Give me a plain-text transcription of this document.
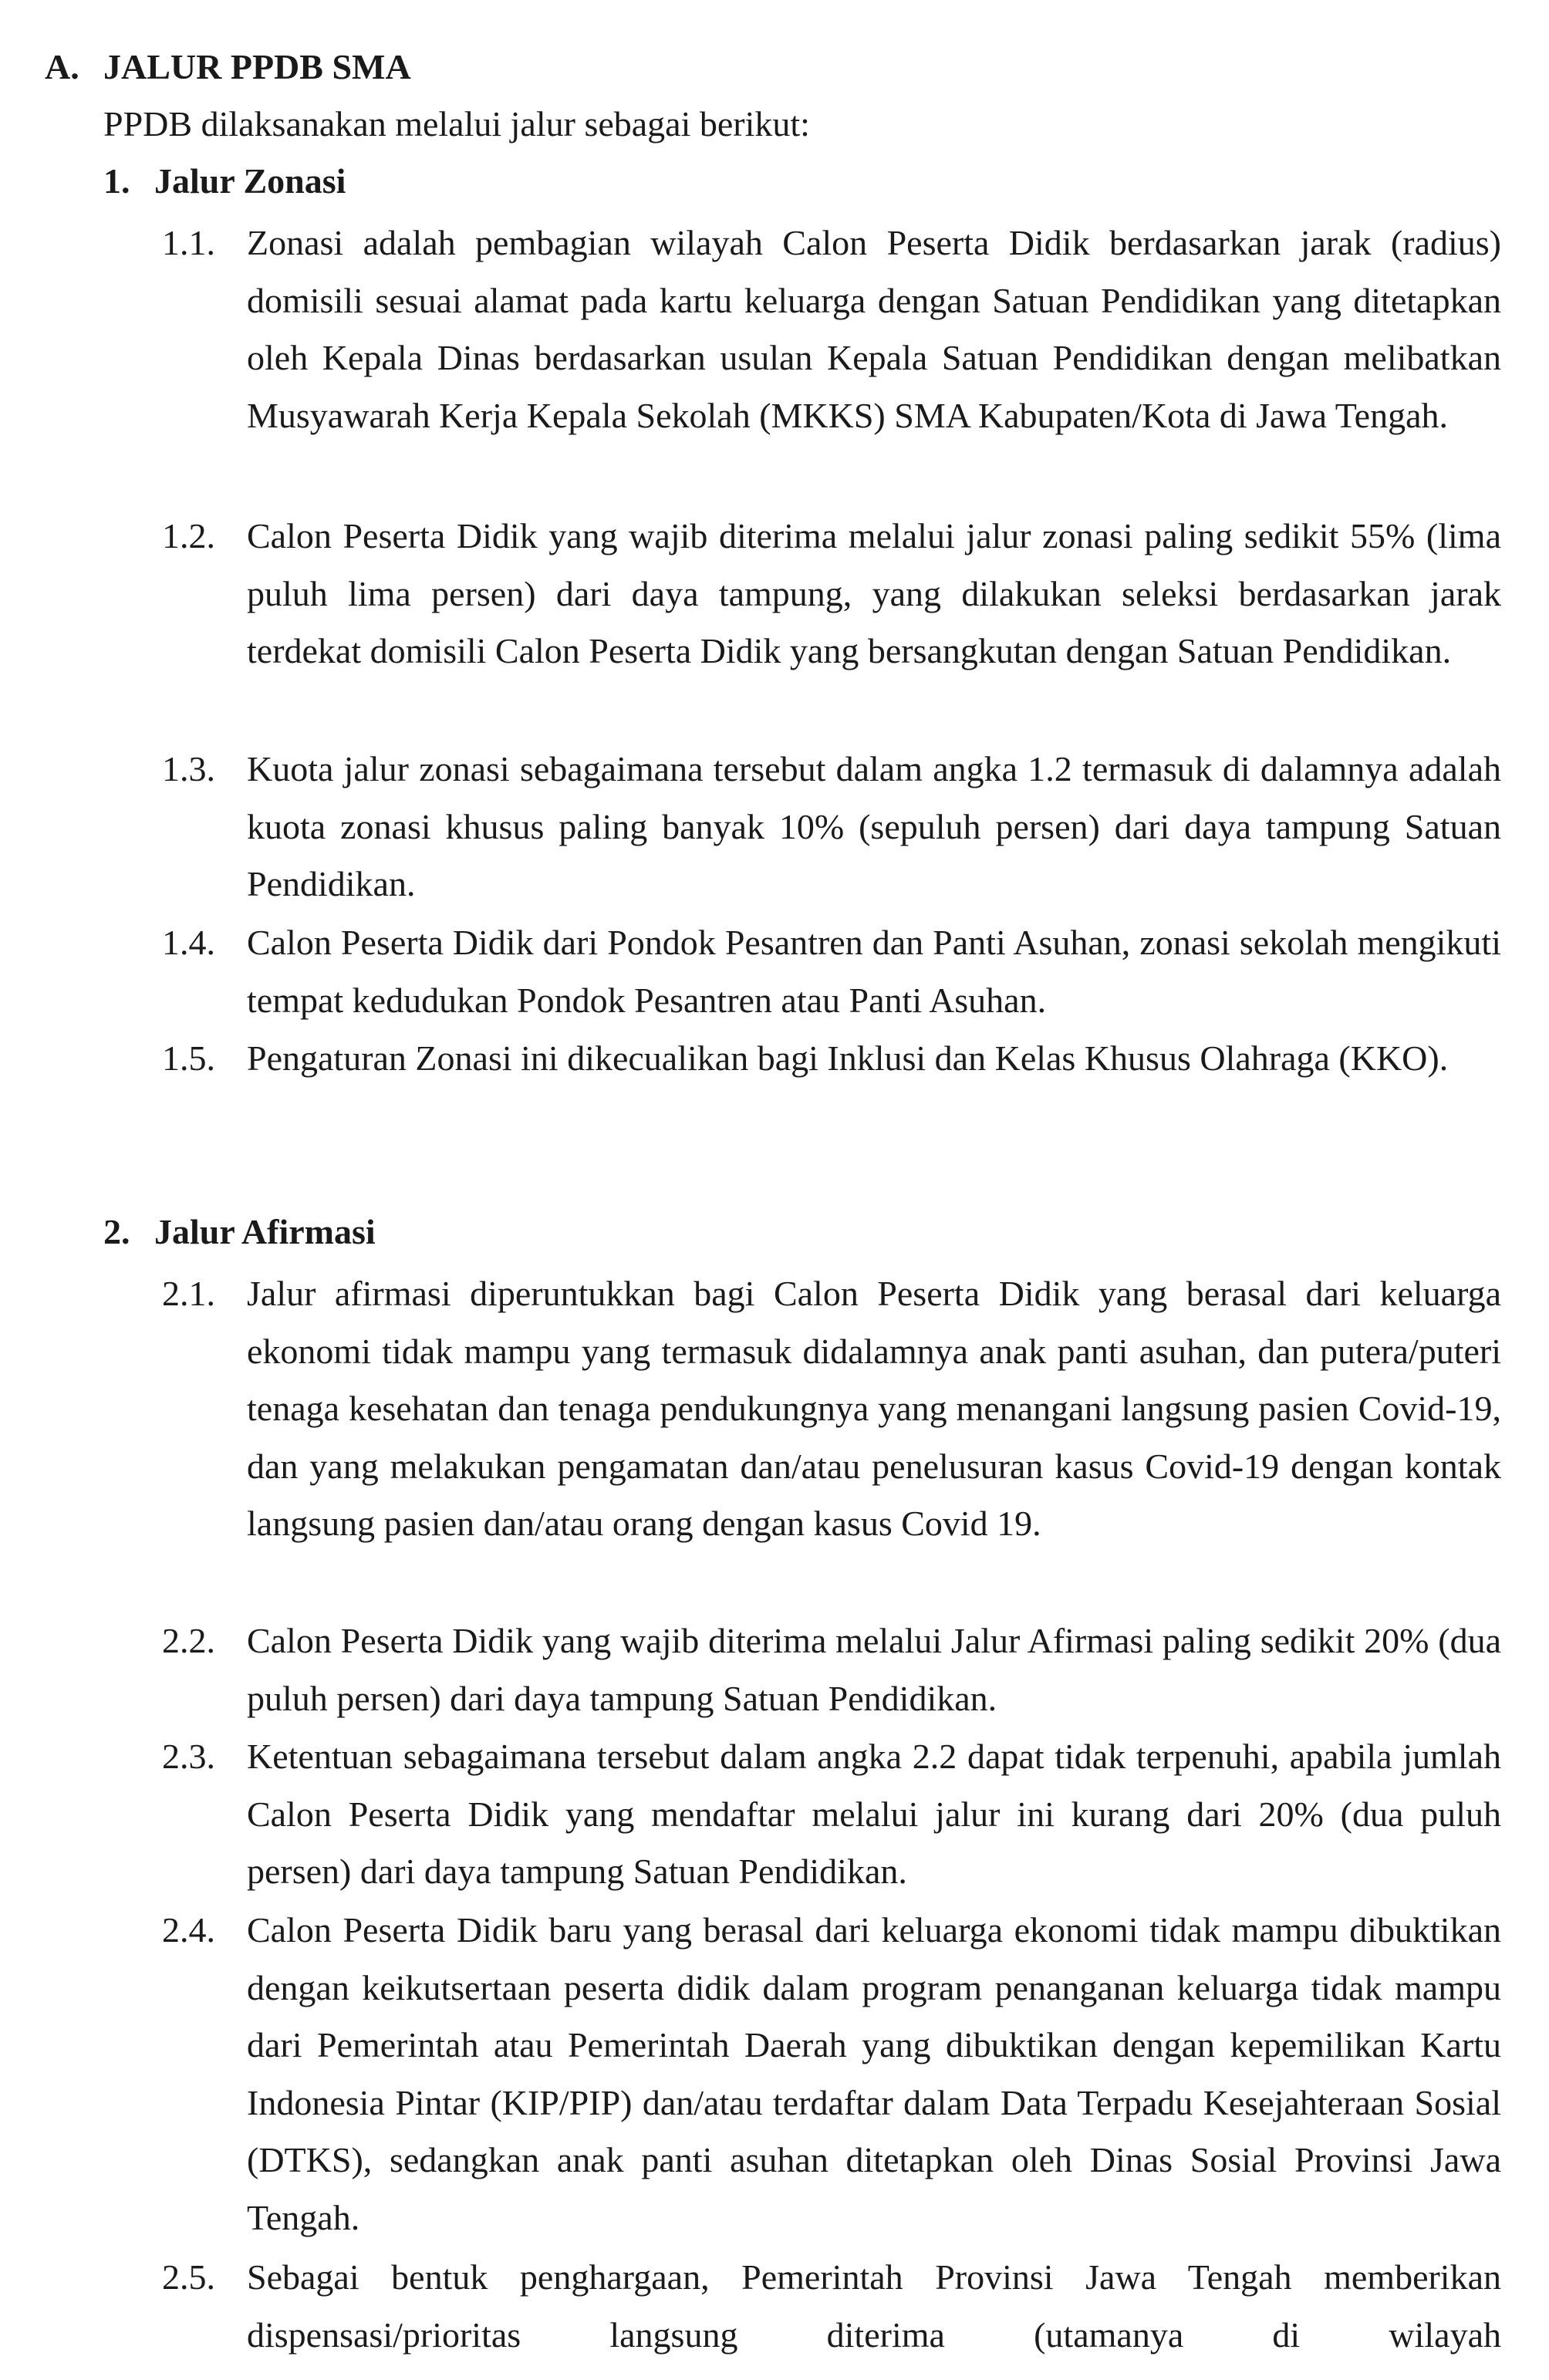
A. JALUR PPDB SMA
PPDB dilaksanakan melalui jalur sebagai berikut:
1. Jalur Zonasi
1.1. Zonasi adalah pembagian wilayah Calon Peserta Didik berdasarkan jarak (radius) domisili sesuai alamat pada kartu keluarga dengan Satuan Pendidikan yang ditetapkan oleh Kepala Dinas berdasarkan usulan Kepala Satuan Pendidikan dengan melibatkan Musyawarah Kerja Kepala Sekolah (MKKS) SMA Kabupaten/Kota di Jawa Tengah.
1.2. Calon Peserta Didik yang wajib diterima melalui jalur zonasi paling sedikit 55% (lima puluh lima persen) dari daya tampung, yang dilakukan seleksi berdasarkan jarak terdekat domisili Calon Peserta Didik yang bersangkutan dengan Satuan Pendidikan.
1.3. Kuota jalur zonasi sebagaimana tersebut dalam angka 1.2 termasuk di dalamnya adalah kuota zonasi khusus paling banyak 10% (sepuluh persen) dari daya tampung Satuan Pendidikan.
1.4. Calon Peserta Didik dari Pondok Pesantren dan Panti Asuhan, zonasi sekolah mengikuti tempat kedudukan Pondok Pesantren atau Panti Asuhan.
1.5. Pengaturan Zonasi ini dikecualikan bagi Inklusi dan Kelas Khusus Olahraga (KKO).
2. Jalur Afirmasi
2.1. Jalur afirmasi diperuntukkan bagi Calon Peserta Didik yang berasal dari keluarga ekonomi tidak mampu yang termasuk didalamnya anak panti asuhan, dan putera/puteri tenaga kesehatan dan tenaga pendukungnya yang menangani langsung pasien Covid-19, dan yang melakukan pengamatan dan/atau penelusuran kasus Covid-19 dengan kontak langsung pasien dan/atau orang dengan kasus Covid 19.
2.2. Calon Peserta Didik yang wajib diterima melalui Jalur Afirmasi paling sedikit 20% (dua puluh persen) dari daya tampung Satuan Pendidikan.
2.3. Ketentuan sebagaimana tersebut dalam angka 2.2 dapat tidak terpenuhi, apabila jumlah Calon Peserta Didik yang mendaftar melalui jalur ini kurang dari 20% (dua puluh persen) dari daya tampung Satuan Pendidikan.
2.4. Calon Peserta Didik baru yang berasal dari keluarga ekonomi tidak mampu dibuktikan dengan keikutsertaan peserta didik dalam program penanganan keluarga tidak mampu dari Pemerintah atau Pemerintah Daerah yang dibuktikan dengan kepemilikan Kartu Indonesia Pintar (KIP/PIP) dan/atau terdaftar dalam Data Terpadu Kesejahteraan Sosial (DTKS), sedangkan anak panti asuhan ditetapkan oleh Dinas Sosial Provinsi Jawa Tengah.
2.5. Sebagai bentuk penghargaan, Pemerintah Provinsi Jawa Tengah memberikan dispensasi/prioritas langsung diterima (utamanya di wilayah
